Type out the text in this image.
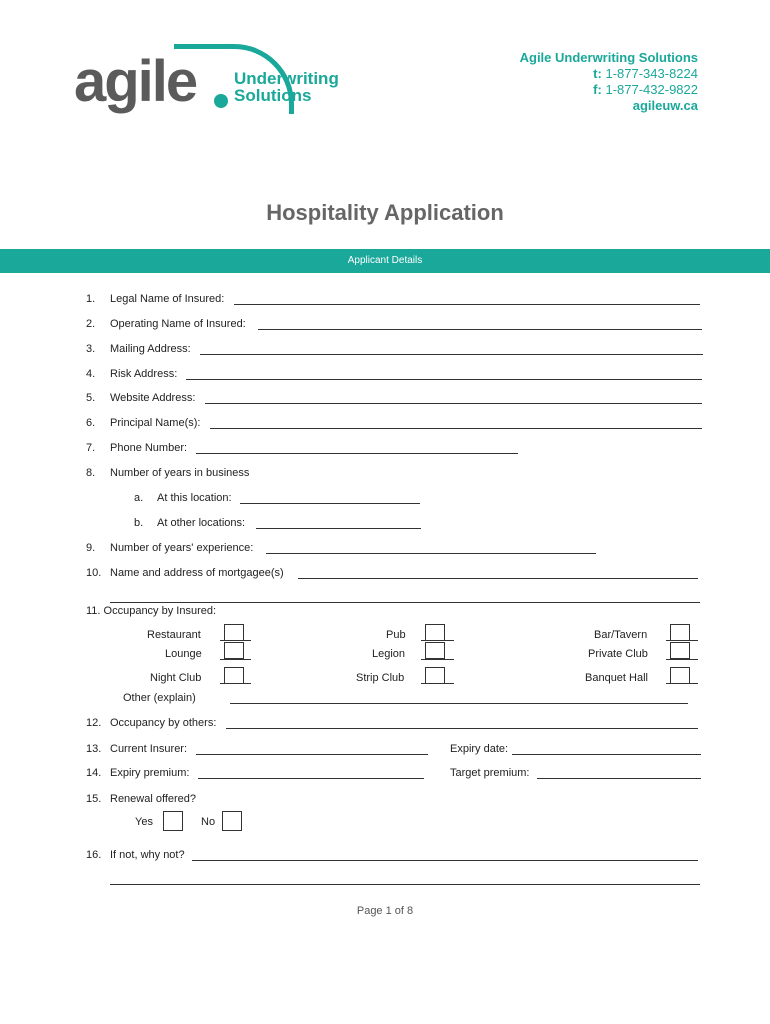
agile Underwriting
Solutions
Agile Underwriting Solutions
t: 1-877-343-8224
f: 1-877-432-9822
agileuw.ca
Hospitality Application
Applicant Details
1. Legal Name of Insured:
2. Operating Name of Insured:
3. Mailing Address:
4. Risk Address:
5. Website Address:
6. Principal Name(s):
7. Phone Number:
8. Number of years in business
a. At this location:
b. At other locations:
9. Number of years' experience:
10. Name and address of mortgagee(s)
11. Occupancy by Insured:
Restaurant	Pub	Bar/Tavern
Lounge	Legion	Private Club
Night Club	Strip Club	Banquet Hall
Other (explain)
12. Occupancy by others:
13. Current Insurer:	Expiry date:
14. Expiry premium:	Target premium:
15. Renewal offered?
Yes	No
16. If not, why not?
Page 1 of 8
